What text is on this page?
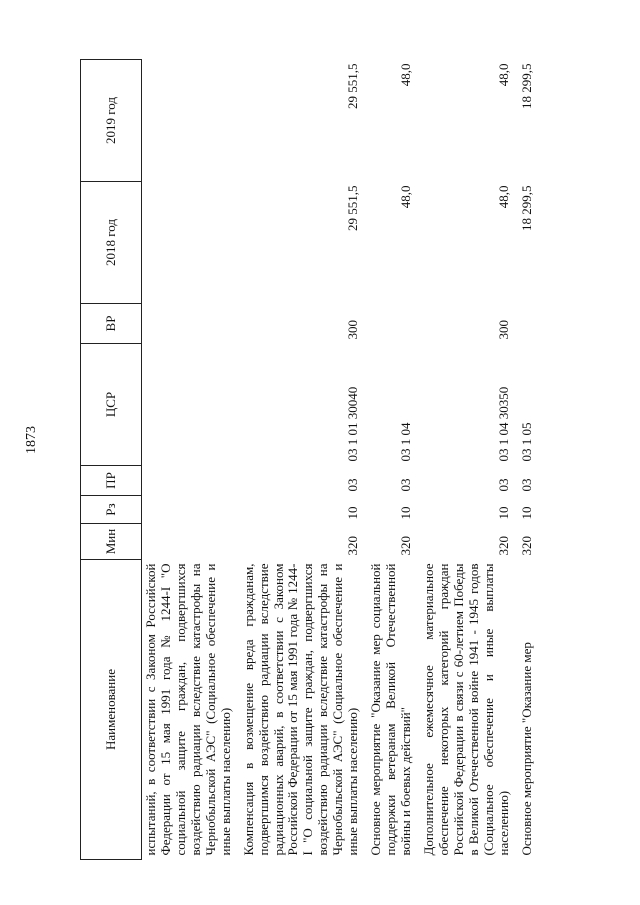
1873
Наименование	Мин	Рз	ПР	ЦСР	ВР	2018 год	2019 год
испытаний, в соответствии с Законом Российской Федерации от 15 мая 1991 года № 1244-I "О социальной защите граждан, подвергшихся воздействию радиации вследствие катастрофы на Чернобыльской АЭС" (Социальное обеспечение и иные выплаты населению)							
Компенсация в возмещение вреда гражданам, подвергшимся воздействию радиации вследствие радиационных аварий, в соответствии с Законом Российской Федерации от 15 мая 1991 года № 1244-I "О социальной защите граждан, подвергшихся воздействию радиации вследствие катастрофы на Чернобыльской АЭС" (Социальное обеспечение и иные выплаты населению)	320	10	03	03 1 01 30040	300	29 551,5	29 551,5
Основное мероприятие "Оказание мер социальной поддержки ветеранам Великой Отечественной войны и боевых действий"	320	10	03	03 1 04		48,0	48,0
Дополнительное ежемесячное материальное обеспечение некоторых категорий граждан Российской Федерации в связи с 60-летием Победы в Великой Отечественной войне 1941 - 1945 годов (Социальное обеспечение и иные выплаты населению)	320	10	03	03 1 04 30350	300	48,0	48,0
Основное мероприятие "Оказание мер	320	10	03	03 1 05		18 299,5	18 299,5
